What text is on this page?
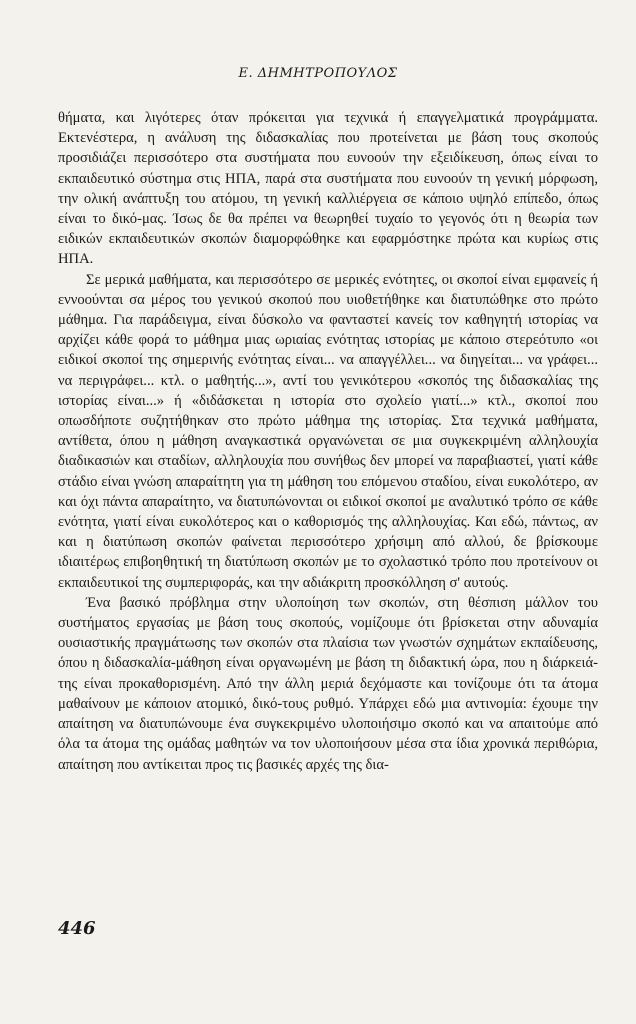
Ε. ΔΗΜΗΤΡΟΠΟΥΛΟΣ

θήματα, και λιγότερες όταν πρόκειται για τεχνικά ή επαγγελματικά προγράμματα. Εκτενέστερα, η ανάλυση της διδασκαλίας που προτείνεται με βάση τους σκοπούς προσιδιάζει περισσότερο στα συστήματα που ευνοούν την εξειδίκευση, όπως είναι το εκπαιδευτικό σύστημα στις ΗΠΑ, παρά στα συστήματα που ευνοούν τη γενική μόρφωση, την ολική ανάπτυξη του ατόμου, τη γενική καλλιέργεια σε κάποιο υψηλό επίπεδο, όπως είναι το δικό-μας. Ίσως δε θα πρέπει να θεωρηθεί τυχαίο το γεγονός ότι η θεωρία των ειδικών εκπαιδευτικών σκοπών διαμορφώθηκε και εφαρμόστηκε πρώτα και κυρίως στις ΗΠΑ.

Σε μερικά μαθήματα, και περισσότερο σε μερικές ενότητες, οι σκοποί είναι εμφανείς ή εννοούνται σα μέρος του γενικού σκοπού που υιοθετήθηκε και διατυπώθηκε στο πρώτο μάθημα. Για παράδειγμα, είναι δύσκολο να φανταστεί κανείς τον καθηγητή ιστορίας να αρχίζει κάθε φορά το μάθημα μιας ωριαίας ενότητας ιστορίας με κάποιο στερεότυπο «οι ειδικοί σκοποί της σημερινής ενότητας είναι... να απαγγέλλει... να διηγείται... να γράφει... να περιγράφει... κτλ. ο μαθητής...», αντί του γενικότερου «σκοπός της διδασκαλίας της ιστορίας είναι...» ή «διδάσκεται η ιστορία στο σχολείο γιατί...» κτλ., σκοποί που οπωσδήποτε συζητήθηκαν στο πρώτο μάθημα της ιστορίας. Στα τεχνικά μαθήματα, αντίθετα, όπου η μάθηση αναγκαστικά οργανώνεται σε μια συγκεκριμένη αλληλουχία διαδικασιών και σταδίων, αλληλουχία που συνήθως δεν μπορεί να παραβιαστεί, γιατί κάθε στάδιο είναι γνώση απαραίτητη για τη μάθηση του επόμενου σταδίου, είναι ευκολότερο, αν και όχι πάντα απαραίτητο, να διατυπώνονται οι ειδικοί σκοποί με αναλυτικό τρόπο σε κάθε ενότητα, γιατί είναι ευκολότερος και ο καθορισμός της αλληλουχίας. Και εδώ, πάντως, αν και η διατύπωση σκοπών φαίνεται περισσότερο χρήσιμη από αλλού, δε βρίσκουμε ιδιαιτέρως επιβοηθητική τη διατύπωση σκοπών με το σχολαστικό τρόπο που προτείνουν οι εκπαιδευτικοί της συμπεριφοράς, και την αδιάκριτη προσκόλληση σ' αυτούς.

Ένα βασικό πρόβλημα στην υλοποίηση των σκοπών, στη θέσπιση μάλλον του συστήματος εργασίας με βάση τους σκοπούς, νομίζουμε ότι βρίσκεται στην αδυναμία ουσιαστικής πραγμάτωσης των σκοπών στα πλαίσια των γνωστών σχημάτων εκπαίδευσης, όπου η διδασκαλία-μάθηση είναι οργανωμένη με βάση τη διδακτική ώρα, που η διάρκειά-της είναι προκαθορισμένη. Από την άλλη μεριά δεχόμαστε και τονίζουμε ότι τα άτομα μαθαίνουν με κάποιον ατομικό, δικό-τους ρυθμό. Υπάρχει εδώ μια αντινομία: έχουμε την απαίτηση να διατυπώνουμε ένα συγκεκριμένο υλοποιήσιμο σκοπό και να απαιτούμε από όλα τα άτομα της ομάδας μαθητών να τον υλοποιήσουν μέσα στα ίδια χρονικά περιθώρια, απαίτηση που αντίκειται προς τις βασικές αρχές της δια-

446
